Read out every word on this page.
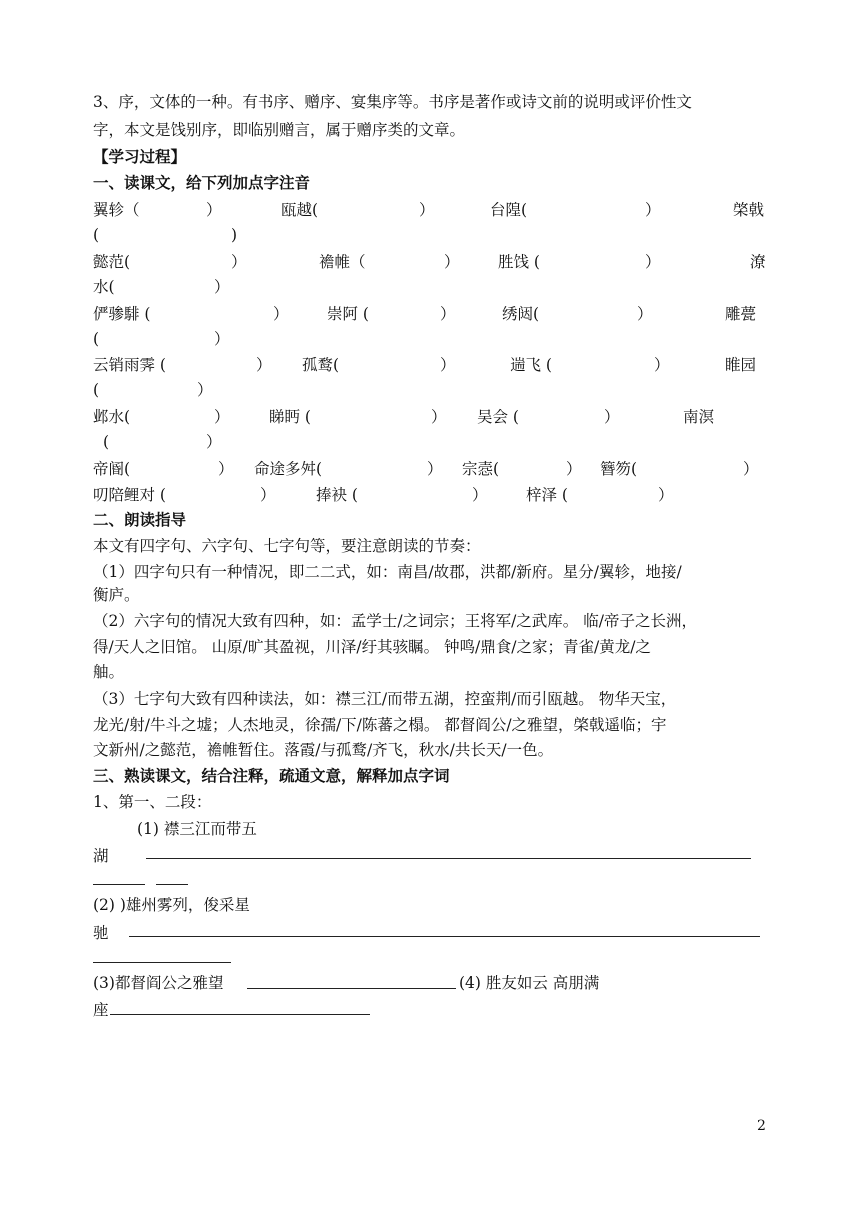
3、序，文体的一种。有书序、赠序、宴集序等。书序是著作或诗文前的说明或评价性文
字，本文是饯别序，即临别赠言，属于赠序类的文章。
【学习过程】
一、读课文，给下列加点字注音
翼轸（	）	瓯越(	）	台隍(	）	棨戟
(	)
懿范(	）	襜帷（	） 胜饯 (	）	潦
水(	）
俨骖騑 (	） 崇阿 (	）	绣闼(	）	雕甍
(	）
云销雨霁 (	） 孤鹜(	）	遄飞 (	）	睢园
(	）
邺水(	）	睇眄 (	） 吴会 (	）	南溟
(	）
帝阍(	） 命途多舛(	） 宗悫(	） 簪笏(	）
叨陪鲤对 (	）	捧袂 (	） 梓泽 (	）
二、朗读指导
本文有四字句、六字句、七字句等，要注意朗读的节奏：
（1）四字句只有一种情况，即二二式，如：南昌/故郡，洪都/新府。星分/翼轸，地接/
衡庐。
（2）六字句的情况大致有四种，如：孟学士/之词宗；王将军/之武库。 临/帝子之长洲，
得/天人之旧馆。 山原/旷其盈视，川泽/纡其骇瞩。 钟鸣/鼎食/之家；青雀/黄龙/之
舳。
（3）七字句大致有四种读法，如：襟三江/而带五湖，控蛮荆/而引瓯越。 物华天宝，
龙光/射/牛斗之墟；人杰地灵，徐孺/下/陈蕃之榻。 都督阎公/之雅望，棨戟遥临；宇
文新州/之懿范，襜帷暂住。落霞/与孤鹜/齐飞，秋水/共长天/一色。
三、熟读课文，结合注释，疏通文意，解释加点字词
1、第一、二段：
(1) 襟三江而带五
湖
(2) )雄州雾列，俊采星
驰
(3)都督阎公之雅望	(4) 胜友如云 高朋满
座
2
